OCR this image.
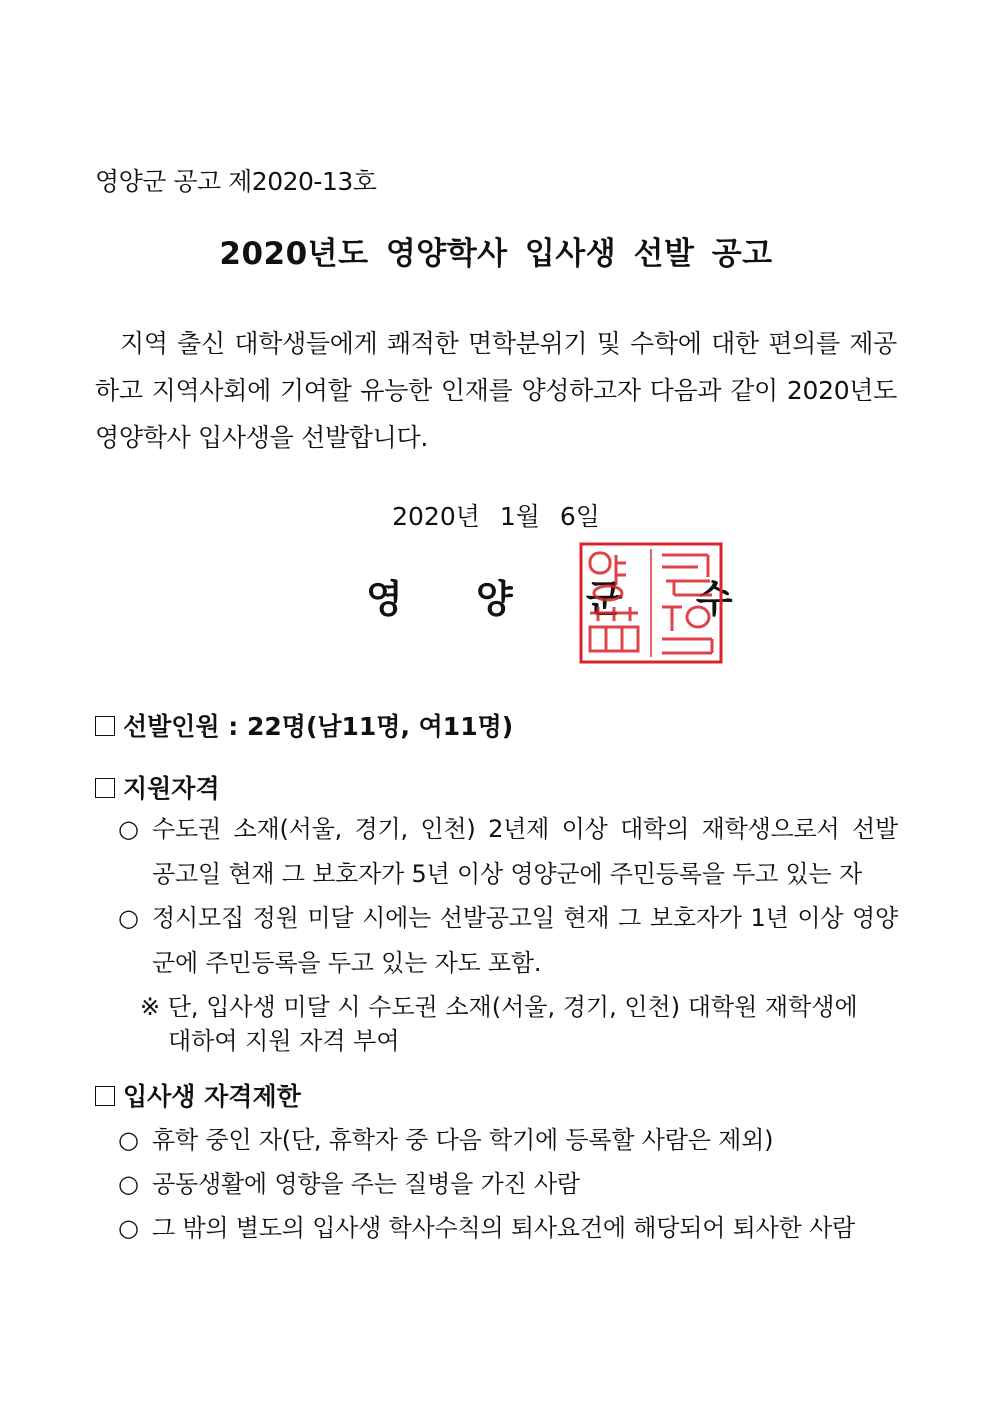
영양군 공고 제2020-13호
2020년도 영양학사 입사생 선발 공고
지역 출신 대학생들에게 쾌적한 면학분위기 및 수학에 대한 편의를 제공
하고 지역사회에 기여할 유능한 인재를 양성하고자 다음과 같이 2020년도
영양학사 입사생을 선발합니다.
2020년 1월 6일
영 양 군 수
선발인원 : 22명(남11명, 여11명)
지원자격
○ 수도권 소재(서울, 경기, 인천) 2년제 이상 대학의 재학생으로서 선발
공고일 현재 그 보호자가 5년 이상 영양군에 주민등록을 두고 있는 자
○ 정시모집 정원 미달 시에는 선발공고일 현재 그 보호자가 1년 이상 영양
군에 주민등록을 두고 있는 자도 포함.
※ 단, 입사생 미달 시 수도권 소재(서울, 경기, 인천) 대학원 재학생에
대하여 지원 자격 부여
입사생 자격제한
○ 휴학 중인 자(단, 휴학자 중 다음 학기에 등록할 사람은 제외)
○ 공동생활에 영향을 주는 질병을 가진 사람
○ 그 밖의 별도의 입사생 학사수칙의 퇴사요건에 해당되어 퇴사한 사람
